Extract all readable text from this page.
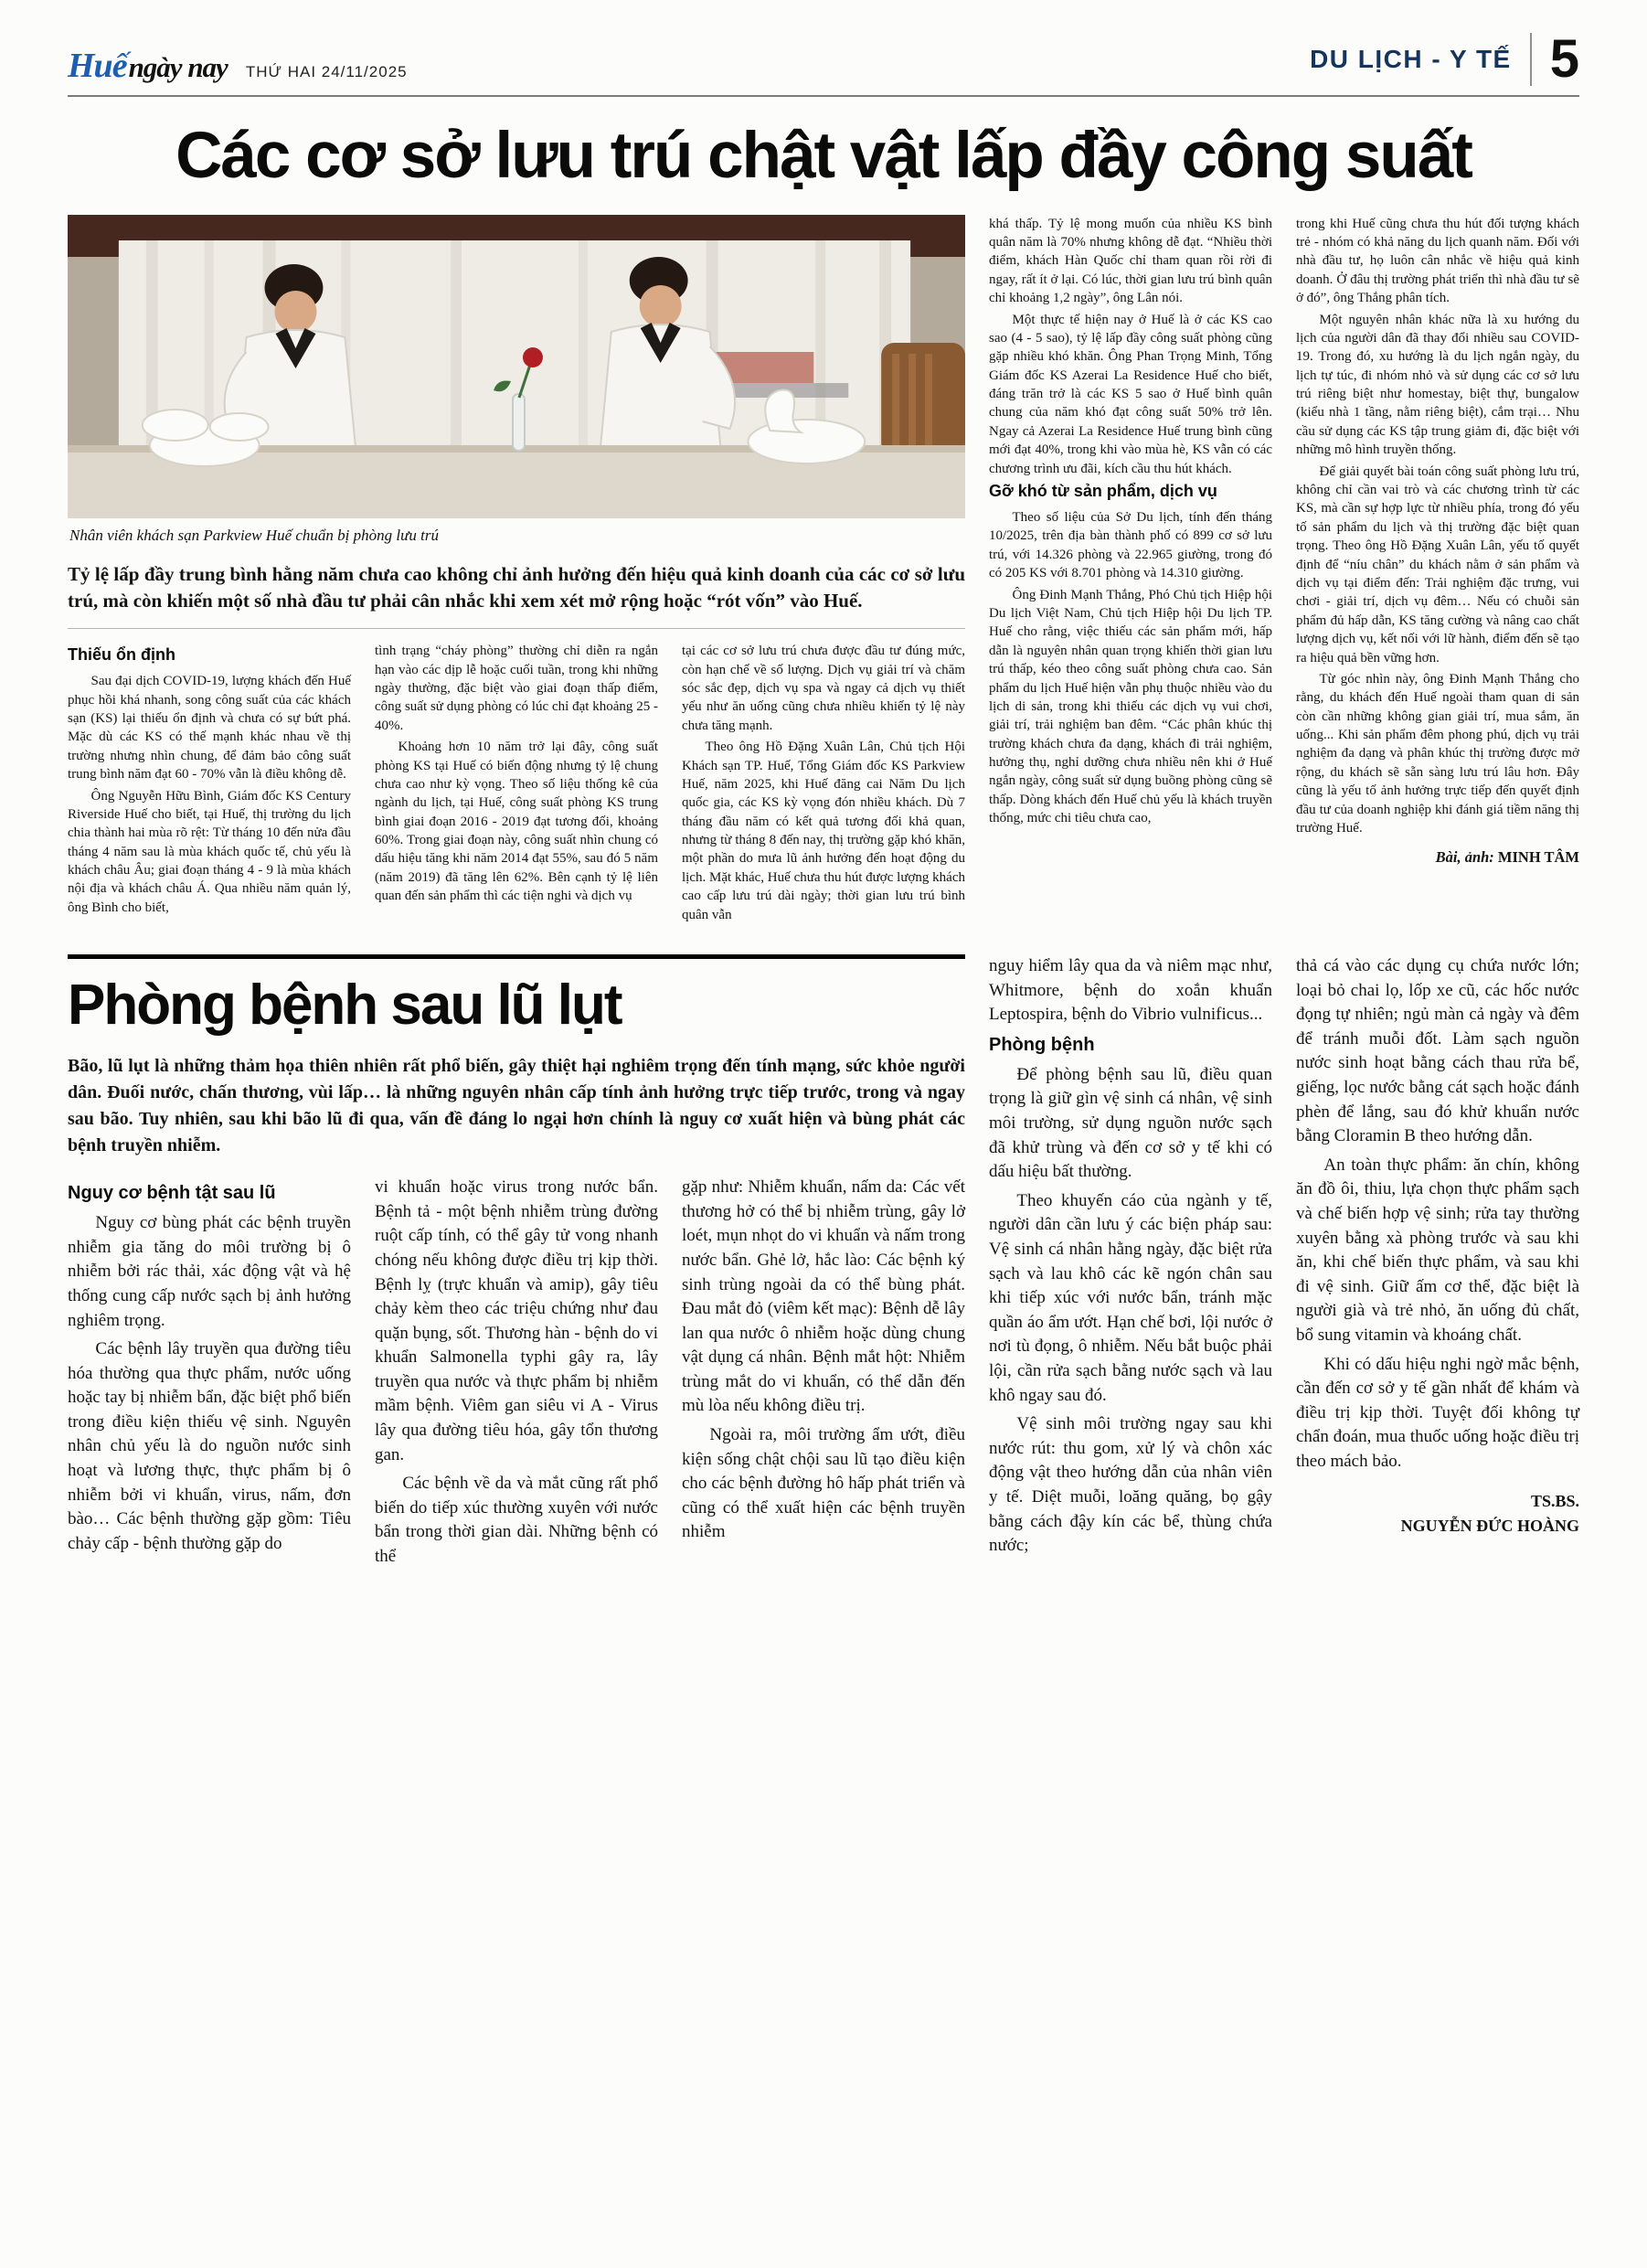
Huếngày nay THỨ HAI 24/11/2025	DU LỊCH - Y TẾ 5
Các cơ sở lưu trú chật vật lấp đầy công suất
Nhân viên khách sạn Parkview Huế chuẩn bị phòng lưu trú

Tỷ lệ lấp đầy trung bình hằng năm chưa cao không chỉ ảnh hưởng đến hiệu quả kinh doanh của các cơ sở lưu trú, mà còn khiến một số nhà đầu tư phải cân nhắc khi xem xét mở rộng hoặc “rót vốn” vào Huế.

Thiếu ổn định

Sau đại dịch COVID-19, lượng khách đến Huế phục hồi khá nhanh, song công suất của các khách sạn (KS) lại thiếu ổn định và chưa có sự bứt phá. Mặc dù các KS có thế mạnh khác nhau về thị trường nhưng nhìn chung, để đảm bảo công suất trung bình năm đạt 60 - 70% vẫn là điều không dễ.

Ông Nguyễn Hữu Bình, Giám đốc KS Century Riverside Huế cho biết, tại Huế, thị trường du lịch chia thành hai mùa rõ rệt: Từ tháng 10 đến nửa đầu tháng 4 năm sau là mùa khách quốc tế, chủ yếu là khách châu Âu; giai đoạn tháng 4 - 9 là mùa khách nội địa và khách châu Á. Qua nhiều năm quản lý, ông Bình cho biết,

tình trạng “cháy phòng” thường chỉ diễn ra ngắn hạn vào các dịp lễ hoặc cuối tuần, trong khi những ngày thường, đặc biệt vào giai đoạn thấp điểm, công suất sử dụng phòng có lúc chỉ đạt khoảng 25 - 40%.

Khoảng hơn 10 năm trở lại đây, công suất phòng KS tại Huế có biến động nhưng tỷ lệ chung chưa cao như kỳ vọng. Theo số liệu thống kê của ngành du lịch, tại Huế, công suất phòng KS trung bình giai đoạn 2016 - 2019 đạt tương đối, khoảng 60%. Trong giai đoạn này, công suất nhìn chung có dấu hiệu tăng khi năm 2014 đạt 55%, sau đó 5 năm (năm 2019) đã tăng lên 62%. Bên cạnh tỷ lệ liên quan đến sản phẩm thì các tiện nghi và dịch vụ

tại các cơ sở lưu trú chưa được đầu tư đúng mức, còn hạn chế về số lượng. Dịch vụ giải trí và chăm sóc sắc đẹp, dịch vụ spa và ngay cả dịch vụ thiết yếu như ăn uống cũng chưa nhiều khiến tỷ lệ này chưa tăng mạnh.

Theo ông Hồ Đặng Xuân Lân, Chủ tịch Hội Khách sạn TP. Huế, Tổng Giám đốc KS Parkview Huế, năm 2025, khi Huế đăng cai Năm Du lịch quốc gia, các KS kỳ vọng đón nhiều khách. Dù 7 tháng đầu năm có kết quả tương đối khả quan, nhưng từ tháng 8 đến nay, thị trường gặp khó khăn, một phần do mưa lũ ảnh hưởng đến hoạt động du lịch. Mặt khác, Huế chưa thu hút được lượng khách cao cấp lưu trú dài ngày; thời gian lưu trú bình quân vẫn

khá thấp. Tỷ lệ mong muốn của nhiều KS bình quân năm là 70% nhưng không dễ đạt. “Nhiều thời điểm, khách Hàn Quốc chỉ tham quan rồi rời đi ngay, rất ít ở lại. Có lúc, thời gian lưu trú bình quân chỉ khoảng 1,2 ngày”, ông Lân nói.

Một thực tế hiện nay ở Huế là ở các KS cao sao (4 - 5 sao), tỷ lệ lấp đầy công suất phòng cũng gặp nhiều khó khăn. Ông Phan Trọng Minh, Tổng Giám đốc KS Azerai La Residence Huế cho biết, đáng trăn trở là các KS 5 sao ở Huế bình quân chung của năm khó đạt công suất 50% trở lên. Ngay cả Azerai La Residence Huế trung bình cũng mới đạt 40%, trong khi vào mùa hè, KS vẫn có các chương trình ưu đãi, kích cầu thu hút khách.

Gỡ khó từ sản phẩm, dịch vụ

Theo số liệu của Sở Du lịch, tính đến tháng 10/2025, trên địa bàn thành phố có 899 cơ sở lưu trú, với 14.326 phòng và 22.965 giường, trong đó có 205 KS với 8.701 phòng và 14.310 giường.

Ông Đinh Mạnh Thắng, Phó Chủ tịch Hiệp hội Du lịch Việt Nam, Chủ tịch Hiệp hội Du lịch TP. Huế cho rằng, việc thiếu các sản phẩm mới, hấp dẫn là nguyên nhân quan trọng khiến thời gian lưu trú thấp, kéo theo công suất phòng chưa cao. Sản phẩm du lịch Huế hiện vẫn phụ thuộc nhiều vào du lịch di sản, trong khi thiếu các dịch vụ vui chơi, giải trí, trải nghiệm ban đêm. “Các phân khúc thị trường khách chưa đa dạng, khách đi trải nghiệm, hưởng thụ, nghỉ dưỡng chưa nhiều nên khi ở Huế ngắn ngày, công suất sử dụng buồng phòng cũng sẽ thấp. Dòng khách đến Huế chủ yếu là khách truyền thống, mức chi tiêu chưa cao,

trong khi Huế cũng chưa thu hút đối tượng khách trẻ - nhóm có khả năng du lịch quanh năm. Đối với nhà đầu tư, họ luôn cân nhắc về hiệu quả kinh doanh. Ở đâu thị trường phát triển thì nhà đầu tư sẽ ở đó”, ông Thắng phân tích.

Một nguyên nhân khác nữa là xu hướng du lịch của người dân đã thay đổi nhiều sau COVID-19. Trong đó, xu hướng là du lịch ngắn ngày, du lịch tự túc, đi nhóm nhỏ và sử dụng các cơ sở lưu trú riêng biệt như homestay, biệt thự, bungalow (kiểu nhà 1 tầng, nằm riêng biệt), cắm trại… Nhu cầu sử dụng các KS tập trung giảm đi, đặc biệt với những mô hình truyền thống.

Để giải quyết bài toán công suất phòng lưu trú, không chỉ cần vai trò và các chương trình từ các KS, mà cần sự hợp lực từ nhiều phía, trong đó yếu tố sản phẩm du lịch và thị trường đặc biệt quan trọng. Theo ông Hồ Đặng Xuân Lân, yếu tố quyết định để “níu chân” du khách nằm ở sản phẩm và dịch vụ tại điểm đến: Trải nghiệm đặc trưng, vui chơi - giải trí, dịch vụ đêm… Nếu có chuỗi sản phẩm đủ hấp dẫn, KS tăng cường và nâng cao chất lượng dịch vụ, kết nối với lữ hành, điểm đến sẽ tạo ra hiệu quả bền vững hơn.

Từ góc nhìn này, ông Đinh Mạnh Thắng cho rằng, du khách đến Huế ngoài tham quan di sản còn cần những không gian giải trí, mua sắm, ăn uống... Khi sản phẩm đêm phong phú, dịch vụ trải nghiệm đa dạng và phân khúc thị trường được mở rộng, du khách sẽ sẵn sàng lưu trú lâu hơn. Đây cũng là yếu tố ảnh hưởng trực tiếp đến quyết định đầu tư của doanh nghiệp khi đánh giá tiềm năng thị trường Huế.

Bài, ảnh: MINH TÂM

Phòng bệnh sau lũ lụt

Bão, lũ lụt là những thảm họa thiên nhiên rất phổ biến, gây thiệt hại nghiêm trọng đến tính mạng, sức khỏe người dân. Đuối nước, chấn thương, vùi lấp… là những nguyên nhân cấp tính ảnh hưởng trực tiếp trước, trong và ngay sau bão. Tuy nhiên, sau khi bão lũ đi qua, vấn đề đáng lo ngại hơn chính là nguy cơ xuất hiện và bùng phát các bệnh truyền nhiễm.

Nguy cơ bệnh tật sau lũ

Nguy cơ bùng phát các bệnh truyền nhiễm gia tăng do môi trường bị ô nhiễm bởi rác thải, xác động vật và hệ thống cung cấp nước sạch bị ảnh hưởng nghiêm trọng.

Các bệnh lây truyền qua đường tiêu hóa thường qua thực phẩm, nước uống hoặc tay bị nhiễm bẩn, đặc biệt phổ biến trong điều kiện thiếu vệ sinh. Nguyên nhân chủ yếu là do nguồn nước sinh hoạt và lương thực, thực phẩm bị ô nhiễm bởi vi khuẩn, virus, nấm, đơn bào… Các bệnh thường gặp gồm: Tiêu chảy cấp - bệnh thường gặp do

vi khuẩn hoặc virus trong nước bẩn. Bệnh tả - một bệnh nhiễm trùng đường ruột cấp tính, có thể gây tử vong nhanh chóng nếu không được điều trị kịp thời. Bệnh lỵ (trực khuẩn và amip), gây tiêu chảy kèm theo các triệu chứng như đau quặn bụng, sốt. Thương hàn - bệnh do vi khuẩn Salmonella typhi gây ra, lây truyền qua nước và thực phẩm bị nhiễm mầm bệnh. Viêm gan siêu vi A - Virus lây qua đường tiêu hóa, gây tổn thương gan.

Các bệnh về da và mắt cũng rất phổ biến do tiếp xúc thường xuyên với nước bẩn trong thời gian dài. Những bệnh có thể

gặp như: Nhiễm khuẩn, nấm da: Các vết thương hở có thể bị nhiễm trùng, gây lở loét, mụn nhọt do vi khuẩn và nấm trong nước bẩn. Ghẻ lở, hắc lào: Các bệnh ký sinh trùng ngoài da có thể bùng phát. Đau mắt đỏ (viêm kết mạc): Bệnh dễ lây lan qua nước ô nhiễm hoặc dùng chung vật dụng cá nhân. Bệnh mắt hột: Nhiễm trùng mắt do vi khuẩn, có thể dẫn đến mù lòa nếu không điều trị.

Ngoài ra, môi trường ẩm ướt, điều kiện sống chật chội sau lũ tạo điều kiện cho các bệnh đường hô hấp phát triển và cũng có thể xuất hiện các bệnh truyền nhiễm

nguy hiểm lây qua da và niêm mạc như, Whitmore, bệnh do xoắn khuẩn Leptospira, bệnh do Vibrio vulnificus...

Phòng bệnh

Để phòng bệnh sau lũ, điều quan trọng là giữ gìn vệ sinh cá nhân, vệ sinh môi trường, sử dụng nguồn nước sạch đã khử trùng và đến cơ sở y tế khi có dấu hiệu bất thường.

Theo khuyến cáo của ngành y tế, người dân cần lưu ý các biện pháp sau: Vệ sinh cá nhân hằng ngày, đặc biệt rửa sạch và lau khô các kẽ ngón chân sau khi tiếp xúc với nước bẩn, tránh mặc quần áo ẩm ướt. Hạn chế bơi, lội nước ở nơi tù đọng, ô nhiễm. Nếu bắt buộc phải lội, cần rửa sạch bằng nước sạch và lau khô ngay sau đó.

Vệ sinh môi trường ngay sau khi nước rút: thu gom, xử lý và chôn xác động vật theo hướng dẫn của nhân viên y tế. Diệt muỗi, loăng quăng, bọ gậy bằng cách đậy kín các bể, thùng chứa nước;

thả cá vào các dụng cụ chứa nước lớn; loại bỏ chai lọ, lốp xe cũ, các hốc nước đọng tự nhiên; ngủ màn cả ngày và đêm để tránh muỗi đốt. Làm sạch nguồn nước sinh hoạt bằng cách thau rửa bể, giếng, lọc nước bằng cát sạch hoặc đánh phèn để lắng, sau đó khử khuẩn nước bằng Cloramin B theo hướng dẫn.

An toàn thực phẩm: ăn chín, không ăn đồ ôi, thiu, lựa chọn thực phẩm sạch và chế biến hợp vệ sinh; rửa tay thường xuyên bằng xà phòng trước và sau khi ăn, khi chế biến thực phẩm, và sau khi đi vệ sinh. Giữ ấm cơ thể, đặc biệt là người già và trẻ nhỏ, ăn uống đủ chất, bổ sung vitamin và khoáng chất.

Khi có dấu hiệu nghi ngờ mắc bệnh, cần đến cơ sở y tế gần nhất để khám và điều trị kịp thời. Tuyệt đối không tự chẩn đoán, mua thuốc uống hoặc điều trị theo mách bảo.

TS.BS.
NGUYỄN ĐỨC HOÀNG
